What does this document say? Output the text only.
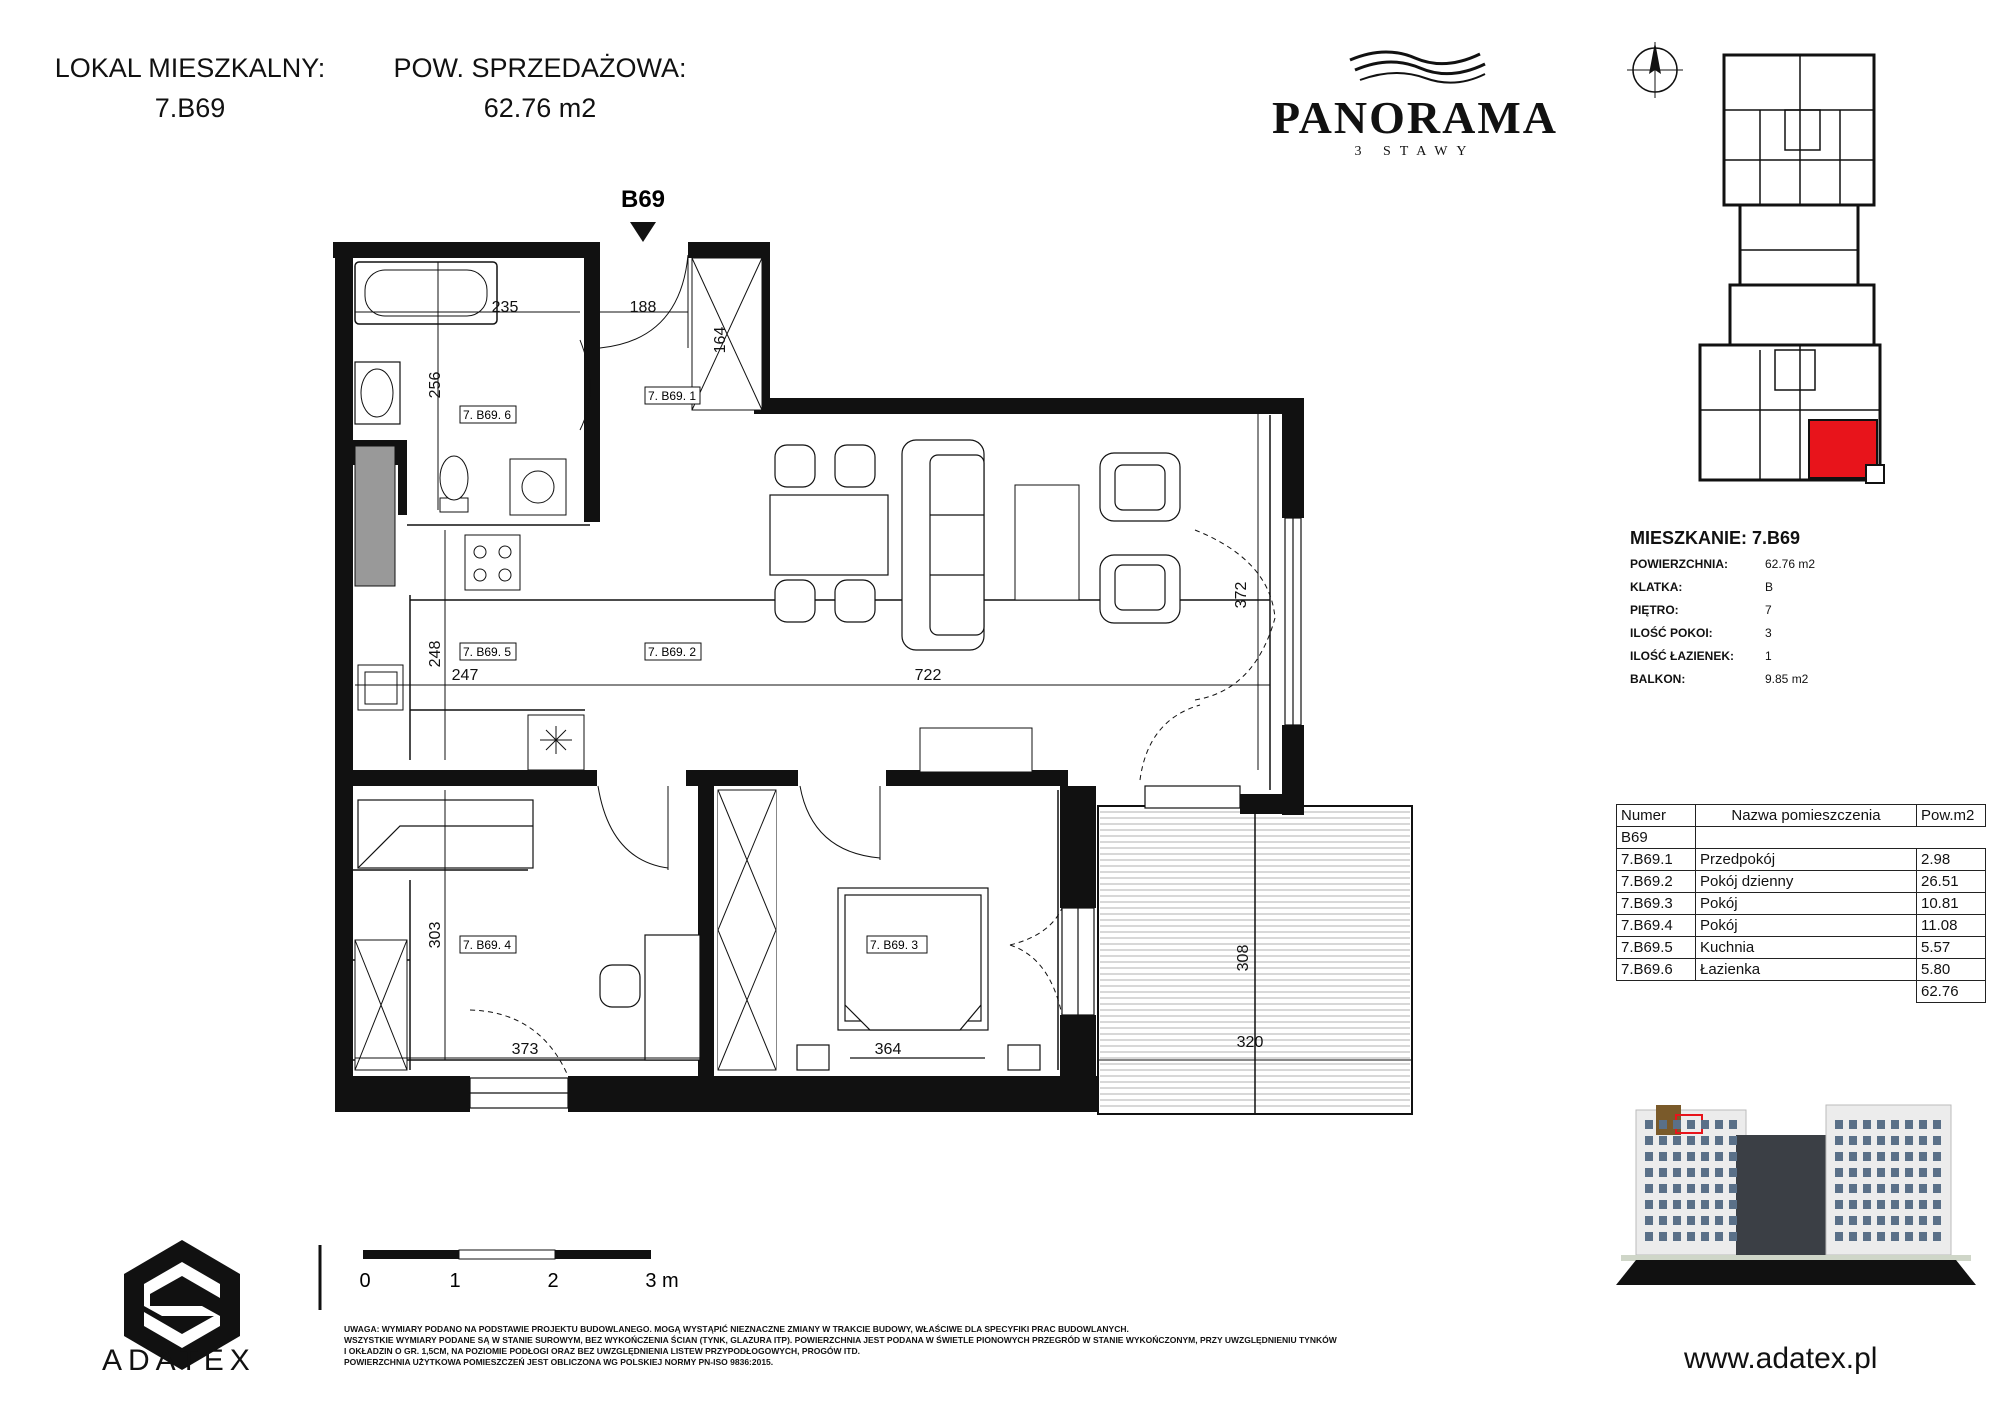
LOKAL MIESZKALNY:
7.B69
POW. SPRZEDAŻOWA:
62.76 m2	PANORAMA
3 STAWY
B69
235	188
164
256
372
248
247	722
303
373	364
308
320
7. B69. 1
7. B69. 2
7. B69. 3
7. B69. 4
7. B69. 5
7. B69. 6
0	1	2	3 m
ADATEX
MIESZKANIE: 7.B69
POWIERZCHNIA:	62.76 m2
KLATKA:	B
PIĘTRO:	7
ILOŚĆ POKOI:	3
ILOŚĆ ŁAZIENEK:	1
BALKON:	9.85 m2
Numer	Nazwa pomieszczenia	Pow.m2
B69		
7.B69.1	Przedpokój	2.98
7.B69.2	Pokój dzienny	26.51
7.B69.3	Pokój	10.81
7.B69.4	Pokój	11.08
7.B69.5	Kuchnia	5.57
7.B69.6	Łazienka	5.80
		62.76
UWAGA: WYMIARY PODANO NA PODSTAWIE PROJEKTU BUDOWLANEGO. MOGĄ WYSTĄPIĆ NIEZNACZNE ZMIANY W TRAKCIE BUDOWY, WŁAŚCIWE DLA SPECYFIKI PRAC BUDOWLANYCH.
WSZYSTKIE WYMIARY PODANE SĄ W STANIE SUROWYM, BEZ WYKOŃCZENIA ŚCIAN (TYNK, GLAZURA ITP). POWIERZCHNIA JEST PODANA W ŚWIETLE PIONOWYCH PRZEGRÓD W STANIE WYKOŃCZONYM, PRZY UWZGLĘDNIENIU TYNKÓW
I OKŁADZIN O GR. 1,5CM, NA POZIOMIE PODŁOGI ORAZ BEZ UWZGLĘDNIENIA LISTEW PRZYPODŁOGOWYCH, PROGÓW ITD.
POWIERZCHNIA UŻYTKOWA POMIESZCZEŃ JEST OBLICZONA WG POLSKIEJ NORMY PN-ISO 9836:2015.	www.adatex.pl
